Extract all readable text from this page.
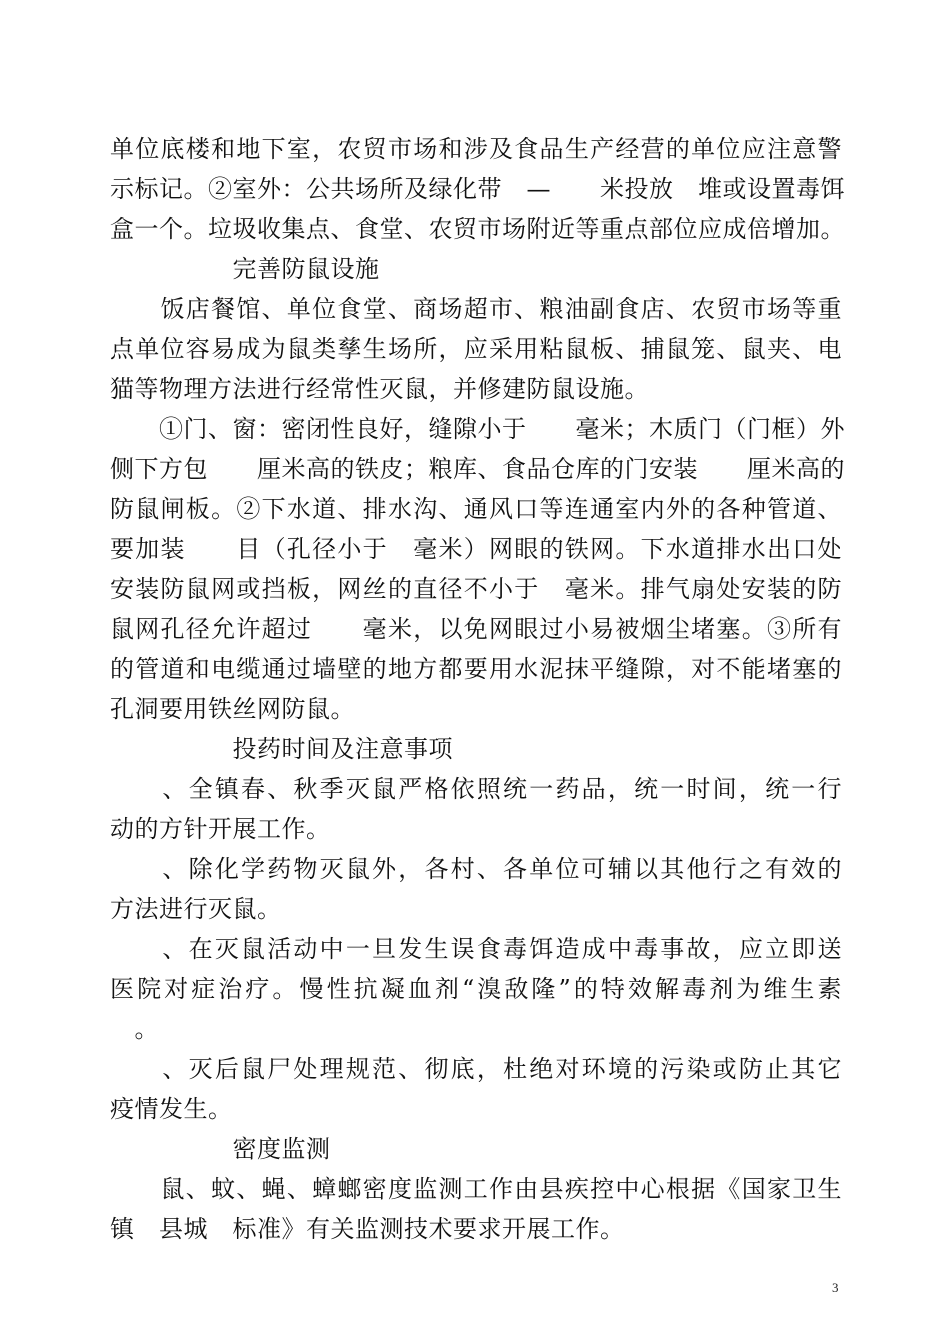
单位底楼和地下室，农贸市场和涉及食品生产经营的单位应注意警
示标记。②室外：公共场所及绿化带　—　　米投放　堆或设置毒饵
盒一个。垃圾收集点、食堂、农贸市场附近等重点部位应成倍增加。
　　　　　完善防鼠设施
　　饭店餐馆、单位食堂、商场超市、粮油副食店、农贸市场等重
点单位容易成为鼠类孳生场所，应采用粘鼠板、捕鼠笼、鼠夹、电
猫等物理方法进行经常性灭鼠，并修建防鼠设施。
　　①门、窗：密闭性良好，缝隙小于　　毫米；木质门（门框）外
侧下方包　　厘米高的铁皮；粮库、食品仓库的门安装　　厘米高的
防鼠闸板。②下水道、排水沟、通风口等连通室内外的各种管道、
要加装　　目（孔径小于　毫米）网眼的铁网。下水道排水出口处
安装防鼠网或挡板，网丝的直径不小于　毫米。排气扇处安装的防
鼠网孔径允许超过　　毫米，以免网眼过小易被烟尘堵塞。③所有
的管道和电缆通过墙壁的地方都要用水泥抹平缝隙，对不能堵塞的
孔洞要用铁丝网防鼠。
　　　　　投药时间及注意事项
　　、全镇春、秋季灭鼠严格依照统一药品，统一时间，统一行
动的方针开展工作。
　　、除化学药物灭鼠外，各村、各单位可辅以其他行之有效的
方法进行灭鼠。
　　、在灭鼠活动中一旦发生误食毒饵造成中毒事故，应立即送
医院对症治疗。慢性抗凝血剂“溴敌隆”的特效解毒剂为维生素
　。
　　、灭后鼠尸处理规范、彻底，杜绝对环境的污染或防止其它
疫情发生。
　　　　　密度监测
　　鼠、蚊、蝇、蟑螂密度监测工作由县疾控中心根据《国家卫生
镇　县城　标准》有关监测技术要求开展工作。
3
